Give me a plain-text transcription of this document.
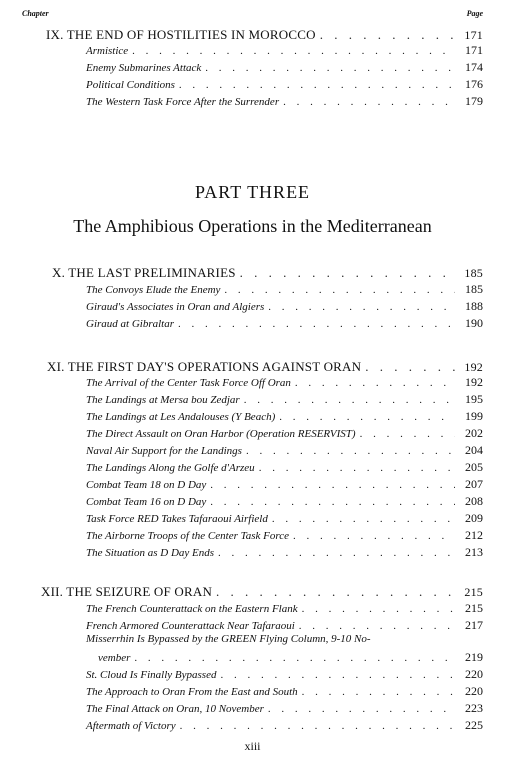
Chapter	Page
IX. THE END OF HOSTILITIES IN MOROCCO . . .	171
Armistice . . .	171
Enemy Submarines Attack . . .	174
Political Conditions . . .	176
The Western Task Force After the Surrender . . .	179
PART THREE
The Amphibious Operations in the Mediterranean
X. THE LAST PRELIMINARIES . . .	185
The Convoys Elude the Enemy . . .	185
Giraud's Associates in Oran and Algiers . . .	188
Giraud at Gibraltar . . .	190
XI. THE FIRST DAY'S OPERATIONS AGAINST ORAN . . .	192
The Arrival of the Center Task Force Off Oran . . .	192
The Landings at Mersa bou Zedjar . . .	195
The Landings at Les Andalouses (Y Beach) . . .	199
The Direct Assault on Oran Harbor (Operation RESERVIST) . . .	202
Naval Air Support for the Landings . . .	204
The Landings Along the Golfe d'Arzeu . . .	205
Combat Team 18 on D Day . . .	207
Combat Team 16 on D Day . . .	208
Task Force RED Takes Tafaraoui Airfield . . .	209
The Airborne Troops of the Center Task Force . . .	212
The Situation as D Day Ends . . .	213
XII. THE SEIZURE OF ORAN . . .	215
The French Counterattack on the Eastern Flank . . .	215
French Armored Counterattack Near Tafaraoui . . .	217
Misserrhin Is Bypassed by the GREEN Flying Column, 9-10 No-
vember . . .	219
St. Cloud Is Finally Bypassed . . .	220
The Approach to Oran From the East and South . . .	220
The Final Attack on Oran, 10 November . . .	223
Aftermath of Victory . . .	225
xiii
